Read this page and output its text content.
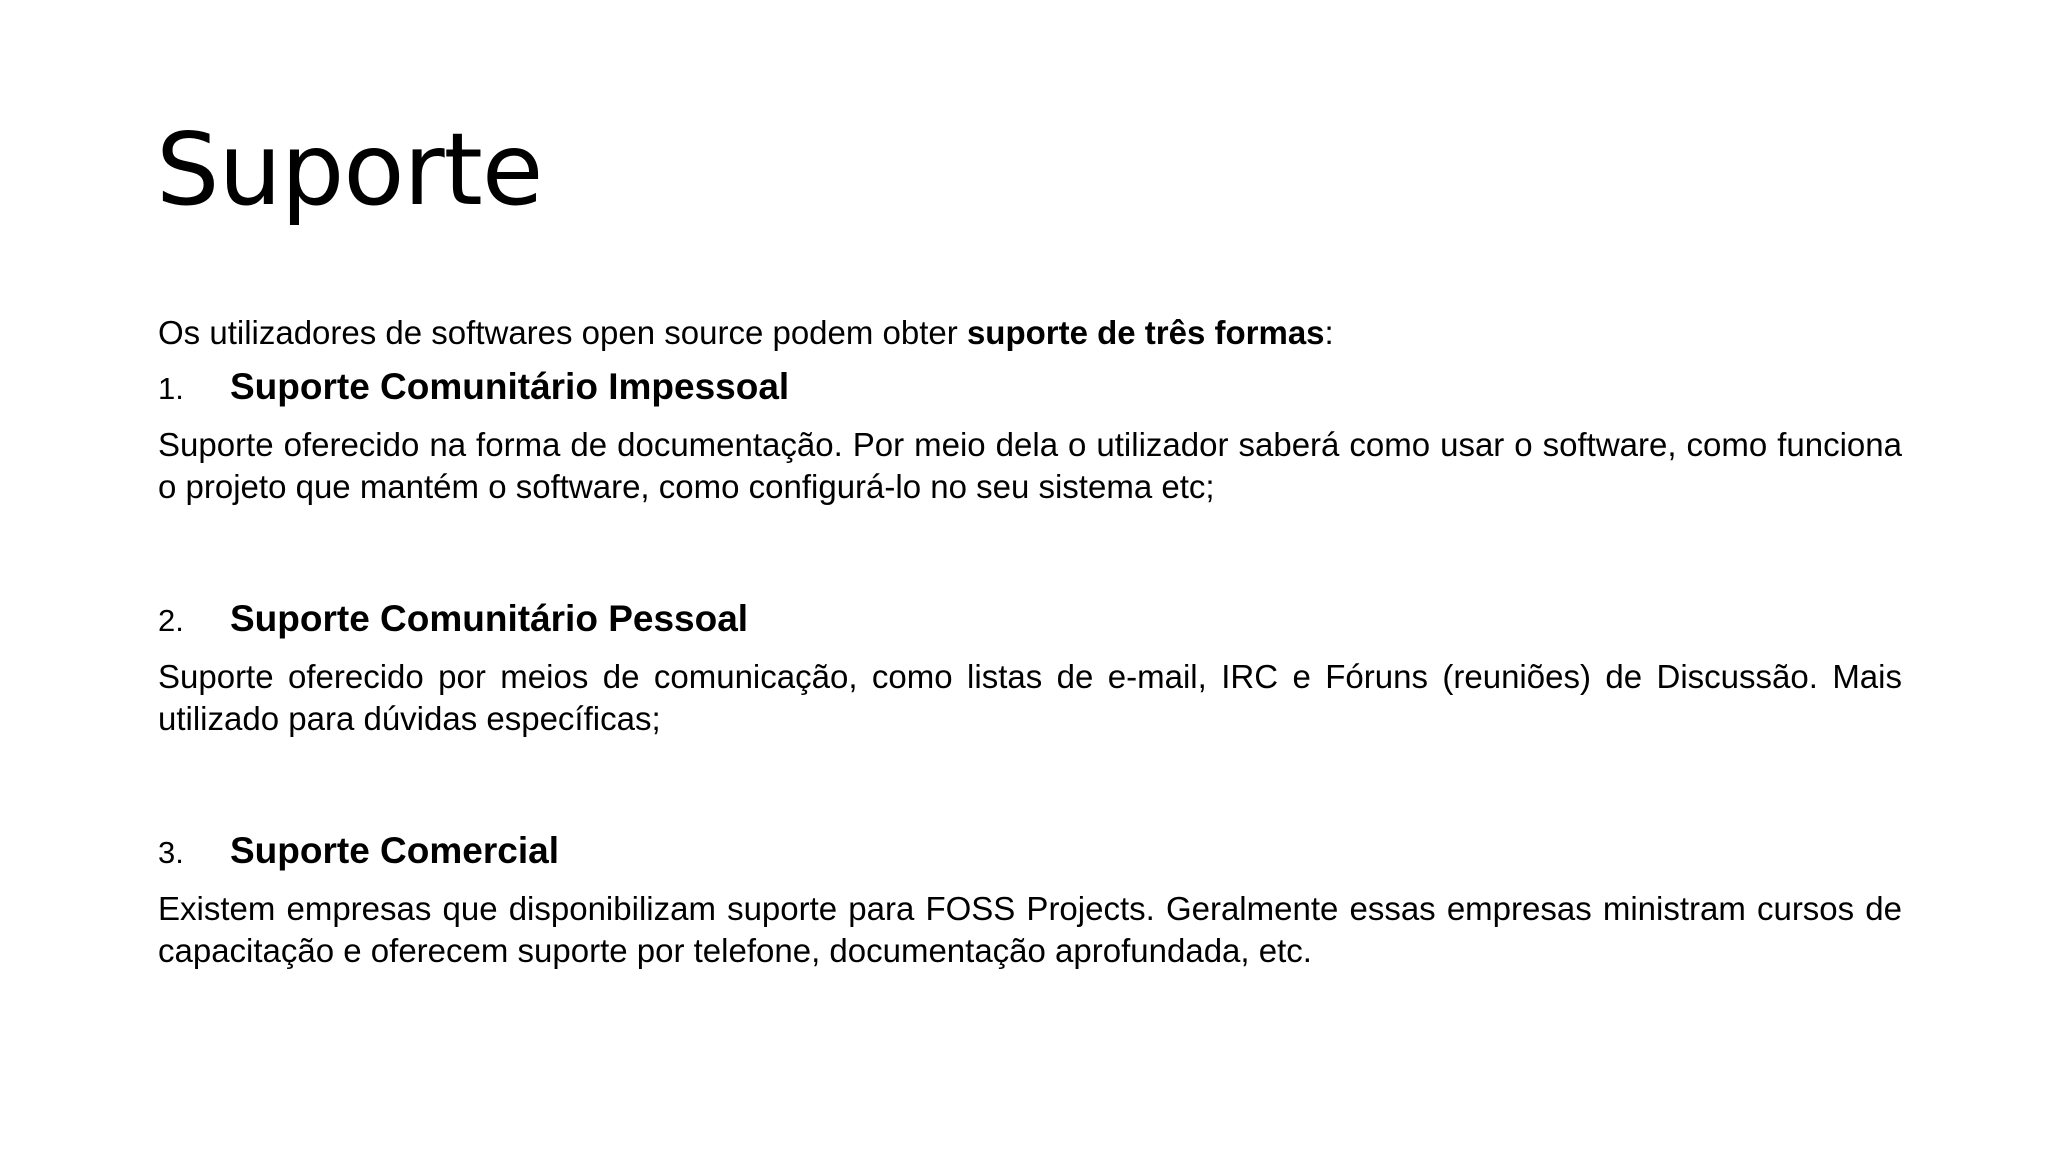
Suporte

Os utilizadores de softwares open source podem obter suporte de três formas:

1.	Suporte Comunitário Impessoal

Suporte oferecido na forma de documentação. Por meio dela o utilizador saberá como usar o software, como funciona o projeto que mantém o software, como configurá-lo no seu sistema etc;

2.	Suporte Comunitário Pessoal

Suporte oferecido por meios de comunicação, como listas de e-mail, IRC e Fóruns (reuniões) de Discussão. Mais utilizado para dúvidas específicas;

3.	Suporte Comercial

Existem empresas que disponibilizam suporte para FOSS Projects. Geralmente essas empresas ministram cursos de capacitação e oferecem suporte por telefone, documentação aprofundada, etc.
